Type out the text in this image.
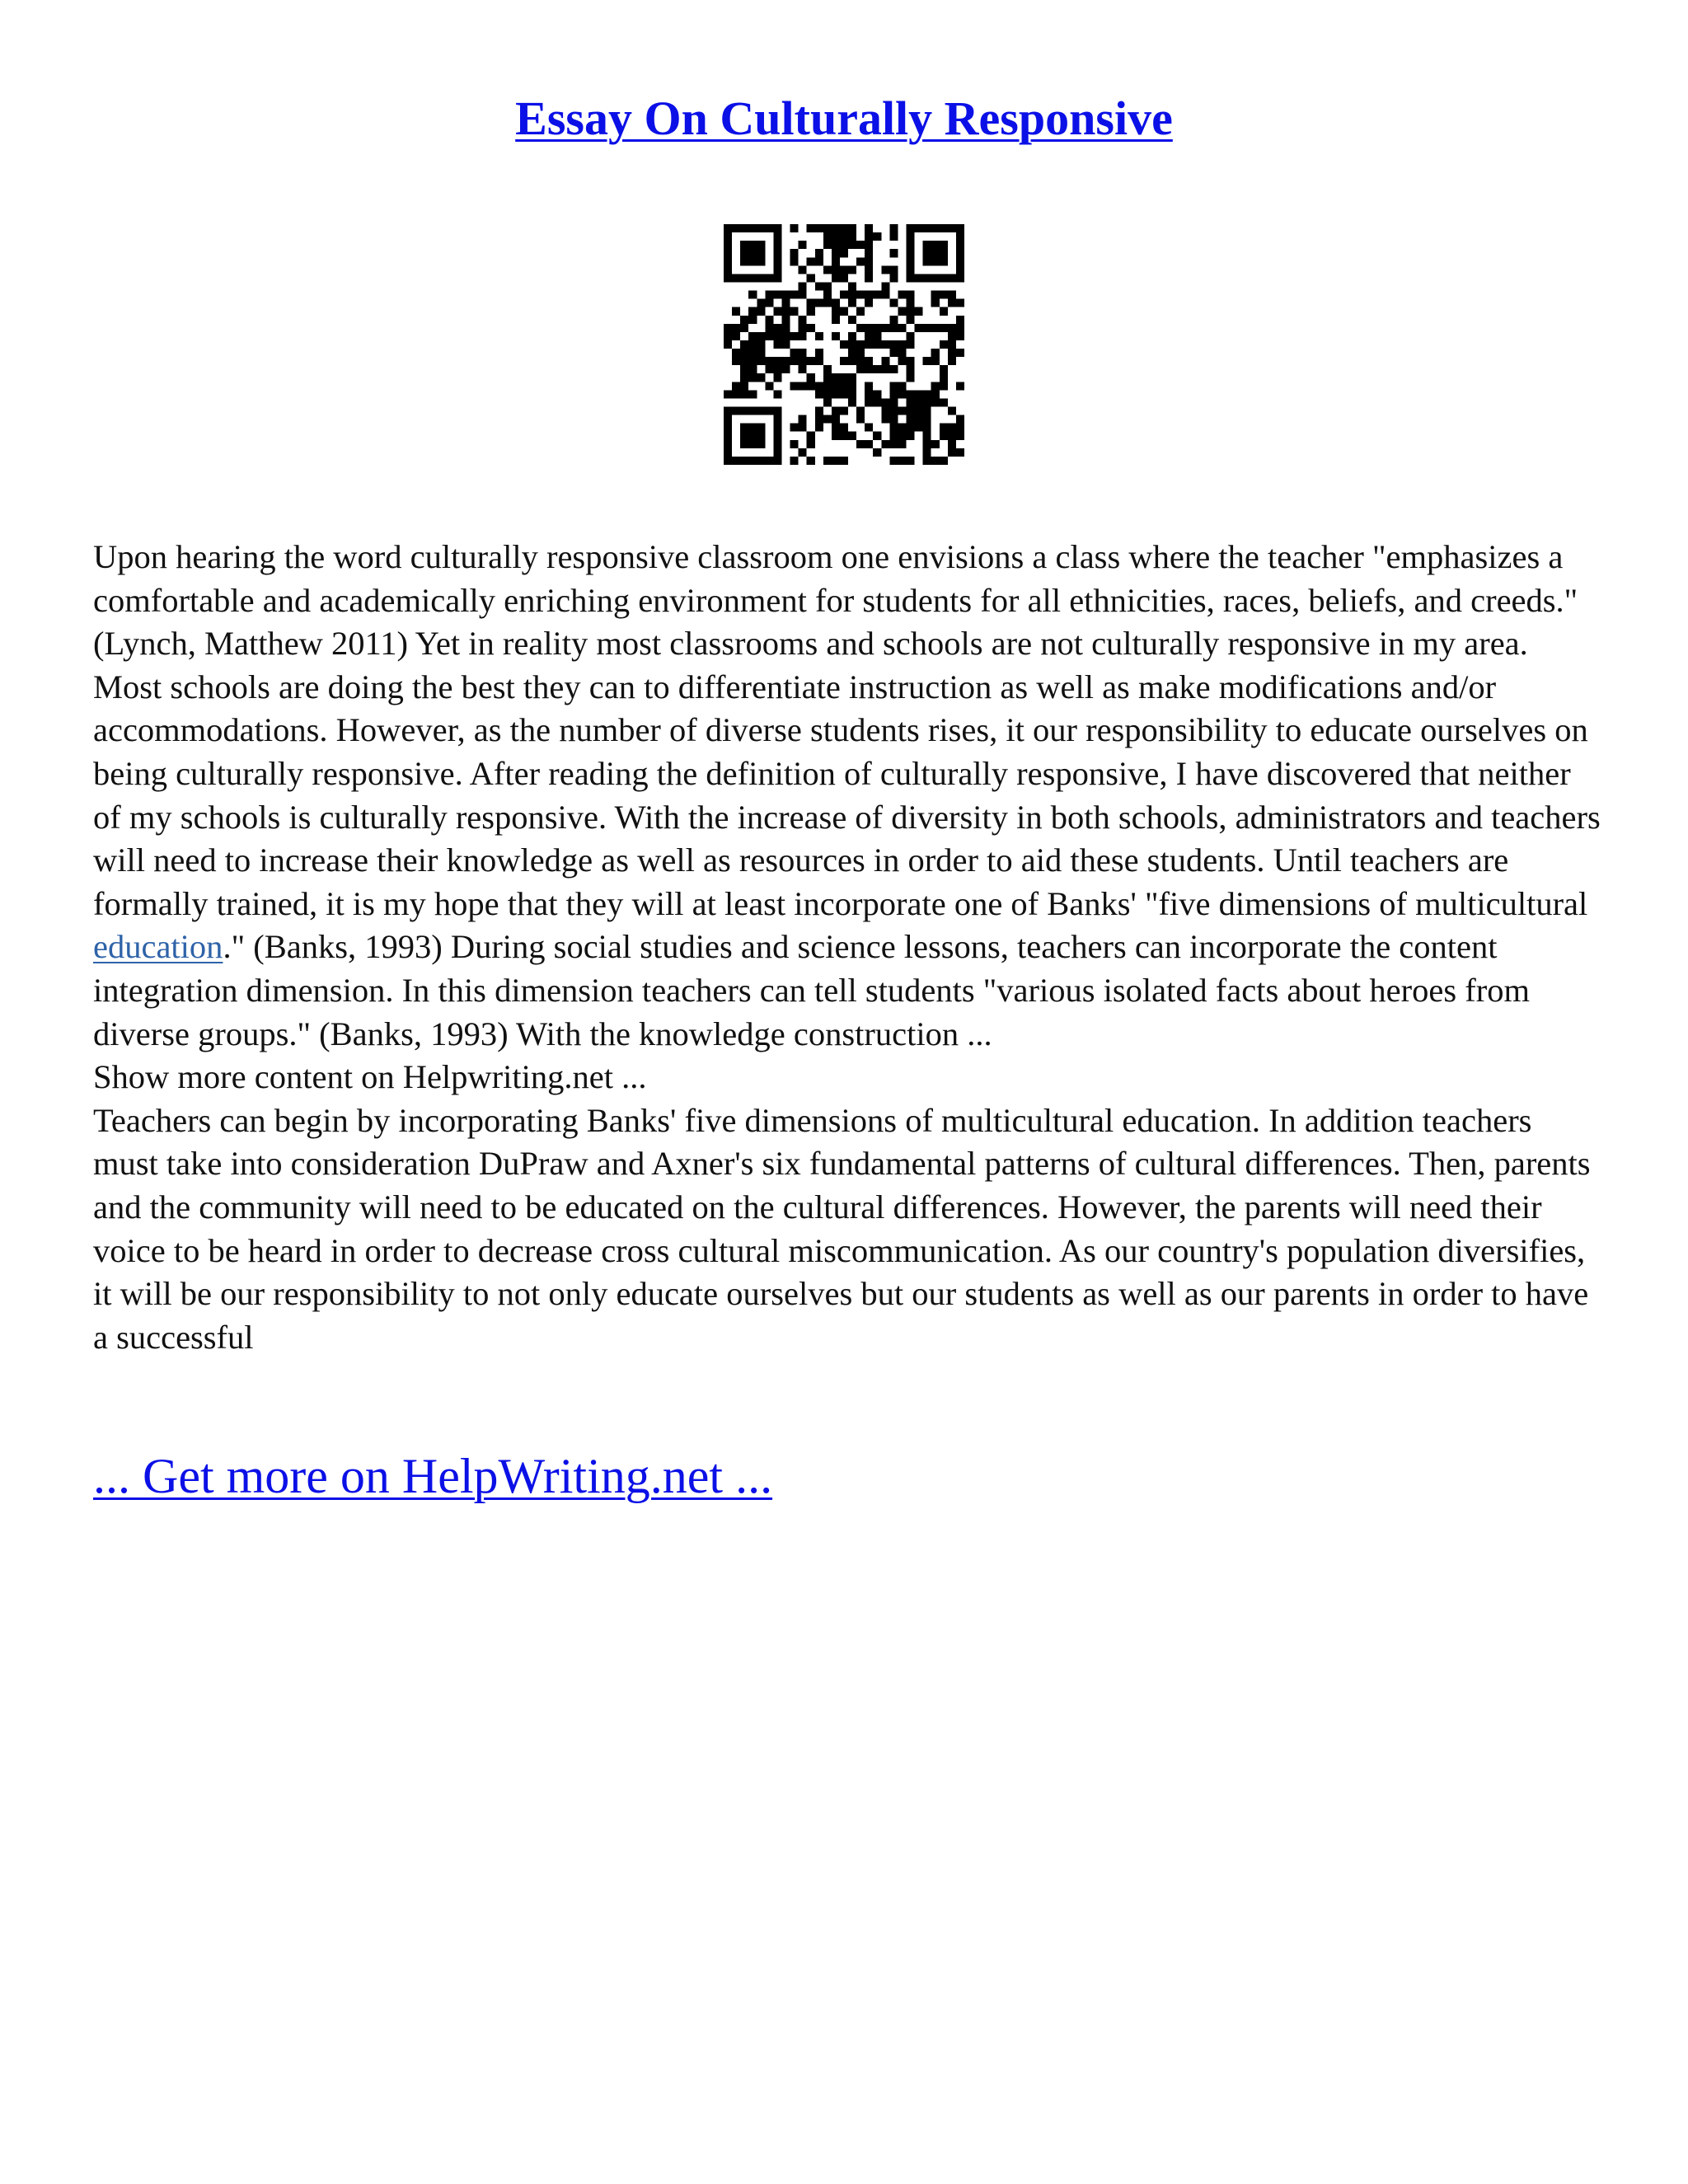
Essay On Culturally Responsive

Upon hearing the word culturally responsive classroom one envisions a class where the teacher "emphasizes a comfortable and academically enriching environment for students for all ethnicities, races, beliefs, and creeds." (Lynch, Matthew 2011) Yet in reality most classrooms and schools are not culturally responsive in my area. Most schools are doing the best they can to differentiate instruction as well as make modifications and/or accommodations. However, as the number of diverse students rises, it our responsibility to educate ourselves on being culturally responsive. After reading the definition of culturally responsive, I have discovered that neither of my schools is culturally responsive. With the increase of diversity in both schools, administrators and teachers will need to increase their knowledge as well as resources in order to aid these students. Until teachers are formally trained, it is my hope that they will at least incorporate one of Banks' "five dimensions of multicultural education." (Banks, 1993) During social studies and science lessons, teachers can incorporate the content integration dimension. In this dimension teachers can tell students "various isolated facts about heroes from diverse groups." (Banks, 1993) With the knowledge construction ...

Show more content on Helpwriting.net ...

Teachers can begin by incorporating Banks' five dimensions of multicultural education. In addition teachers must take into consideration DuPraw and Axner's six fundamental patterns of cultural differences. Then, parents and the community will need to be educated on the cultural differences. However, the parents will need their voice to be heard in order to decrease cross cultural miscommunication. As our country's population diversifies, it will be our responsibility to not only educate ourselves but our students as well as our parents in order to have a successful

... Get more on HelpWriting.net ...
